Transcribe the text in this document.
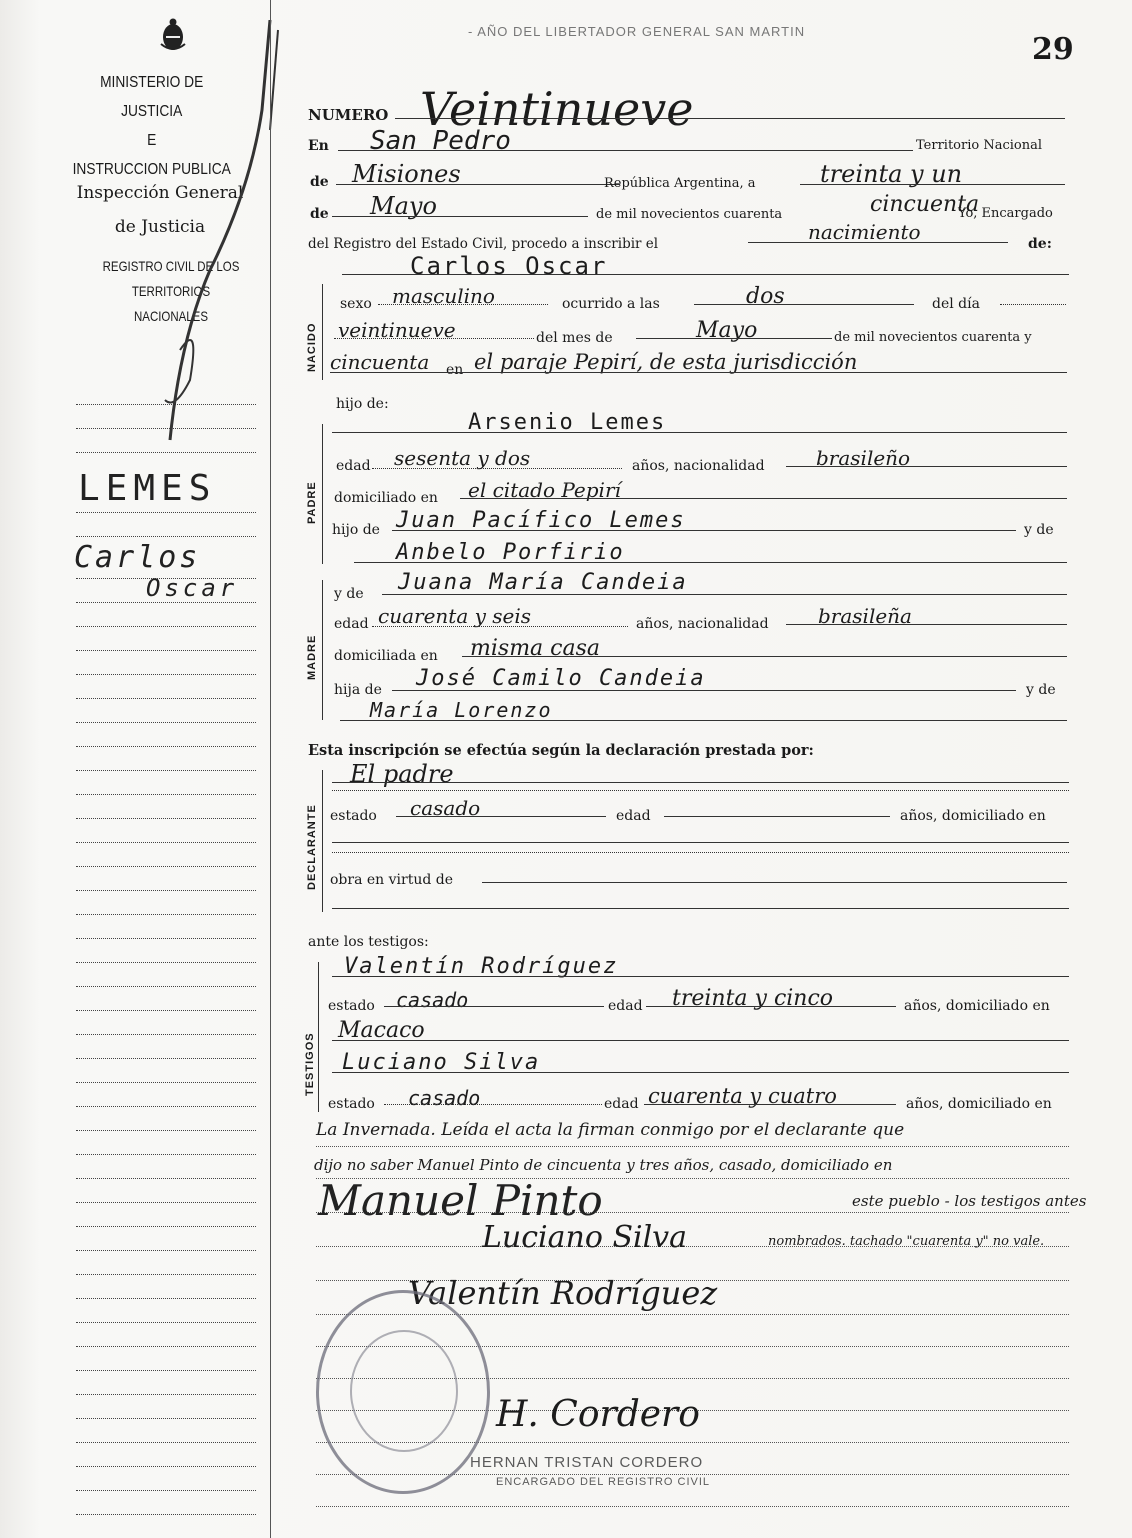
MINISTERIO DE JUSTICIA
E
INSTRUCCION PUBLICA
Inspección General
de Justicia
REGISTRO CIVIL DE LOS
TERRITORIOS NACIONALES
LEMES
Carlos
Oscar
- AÑO DEL LIBERTADOR GENERAL SAN MARTIN
29
NUMERO Veintinueve
En San Pedro	Territorio Nacional
de Misiones	República Argentina, a	treinta y un
de Mayo	de mil novecientos cuarenta	cincuenta
Yo, Encargado
del Registro del Estado Civil, procedo a inscribir el	nacimiento	de:
Carlos Oscar
NACIDO
sexo masculino	ocurrido a las	dos	del día
veintinueve	del mes de	Mayo	de mil novecientos cuarenta y
cincuenta en el paraje Pepirí, de esta jurisdicción
hijo de:
PADRE
Arsenio Lemes
edad sesenta y dos	años, nacionalidad	brasileño
domiciliado en el citado Pepirí
hijo de Juan Pacífico Lemes	y de
Anbelo Porfirio
MADRE
y de Juana María Candeia
edad cuarenta y seis	años, nacionalidad brasileña
domiciliada en misma casa
hija de José Camilo Candeia	y de
María Lorenzo
Esta inscripción se efectúa según la declaración prestada por:
DECLARANTE
El padre
estado casado	edad	años, domiciliado en
obra en virtud de
ante los testigos:
TESTIGOS
Valentín Rodríguez
estado casado	edad treinta y cinco	años, domiciliado en
Macaco
Luciano Silva
estado casado	edad cuarenta y cuatro	años, domiciliado en
La Invernada. Leída el acta la firman conmigo por el declarante que
dijo no saber Manuel Pinto de cincuenta y tres años, casado, domiciliado en
Manuel Pinto	este pueblo - los testigos antes
Luciano Silva	nombrados. tachado "cuarenta y" no vale.
Valentín Rodríguez
H. Cordero
HERNAN TRISTAN CORDERO
ENCARGADO DEL REGISTRO CIVIL
